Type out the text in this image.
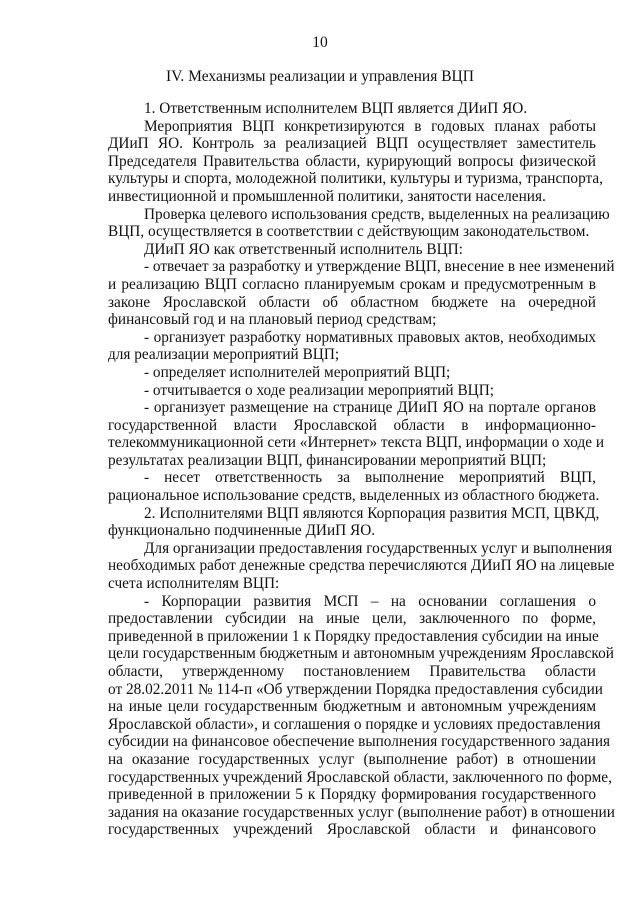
10
IV. Механизмы реализации и управления ВЦП
1. Ответственным исполнителем ВЦП является ДИиП ЯО.
Мероприятия ВЦП конкретизируются в годовых планах работы
ДИиП ЯО. Контроль за реализацией ВЦП осуществляет заместитель
Председателя Правительства области, курирующий вопросы физической
культуры и спорта, молодежной политики, культуры и туризма, транспорта,
инвестиционной и промышленной политики, занятости населения.
Проверка целевого использования средств, выделенных на реализацию
ВЦП, осуществляется в соответствии с действующим законодательством.
ДИиП ЯО как ответственный исполнитель ВЦП:
- отвечает за разработку и утверждение ВЦП, внесение в нее изменений
и реализацию ВЦП согласно планируемым срокам и предусмотренным в
законе Ярославской области об областном бюджете на очередной
финансовый год и на плановый период средствам;
- организует разработку нормативных правовых актов, необходимых
для реализации мероприятий ВЦП;
- определяет исполнителей мероприятий ВЦП;
- отчитывается о ходе реализации мероприятий ВЦП;
- организует размещение на странице ДИиП ЯО на портале органов
государственной власти Ярославской области в информационно-
телекоммуникационной сети «Интернет» текста ВЦП, информации о ходе и
результатах реализации ВЦП, финансировании мероприятий ВЦП;
- несет ответственность за выполнение мероприятий ВЦП,
рациональное использование средств, выделенных из областного бюджета.
2. Исполнителями ВЦП являются Корпорация развития МСП, ЦВКД,
функционально подчиненные ДИиП ЯО.
Для организации предоставления государственных услуг и выполнения
необходимых работ денежные средства перечисляются ДИиП ЯО на лицевые
счета исполнителям ВЦП:
- Корпорации развития МСП – на основании соглашения о
предоставлении субсидии на иные цели, заключенного по форме,
приведенной в приложении 1 к Порядку предоставления субсидии на иные
цели государственным бюджетным и автономным учреждениям Ярославской
области, утвержденному постановлением Правительства области
от 28.02.2011 № 114-п «Об утверждении Порядка предоставления субсидии
на иные цели государственным бюджетным и автономным учреждениям
Ярославской области», и соглашения о порядке и условиях предоставления
субсидии на финансовое обеспечение выполнения государственного задания
на оказание государственных услуг (выполнение работ) в отношении
государственных учреждений Ярославской области, заключенного по форме,
приведенной в приложении 5 к Порядку формирования государственного
задания на оказание государственных услуг (выполнение работ) в отношении
государственных учреждений Ярославской области и финансового
